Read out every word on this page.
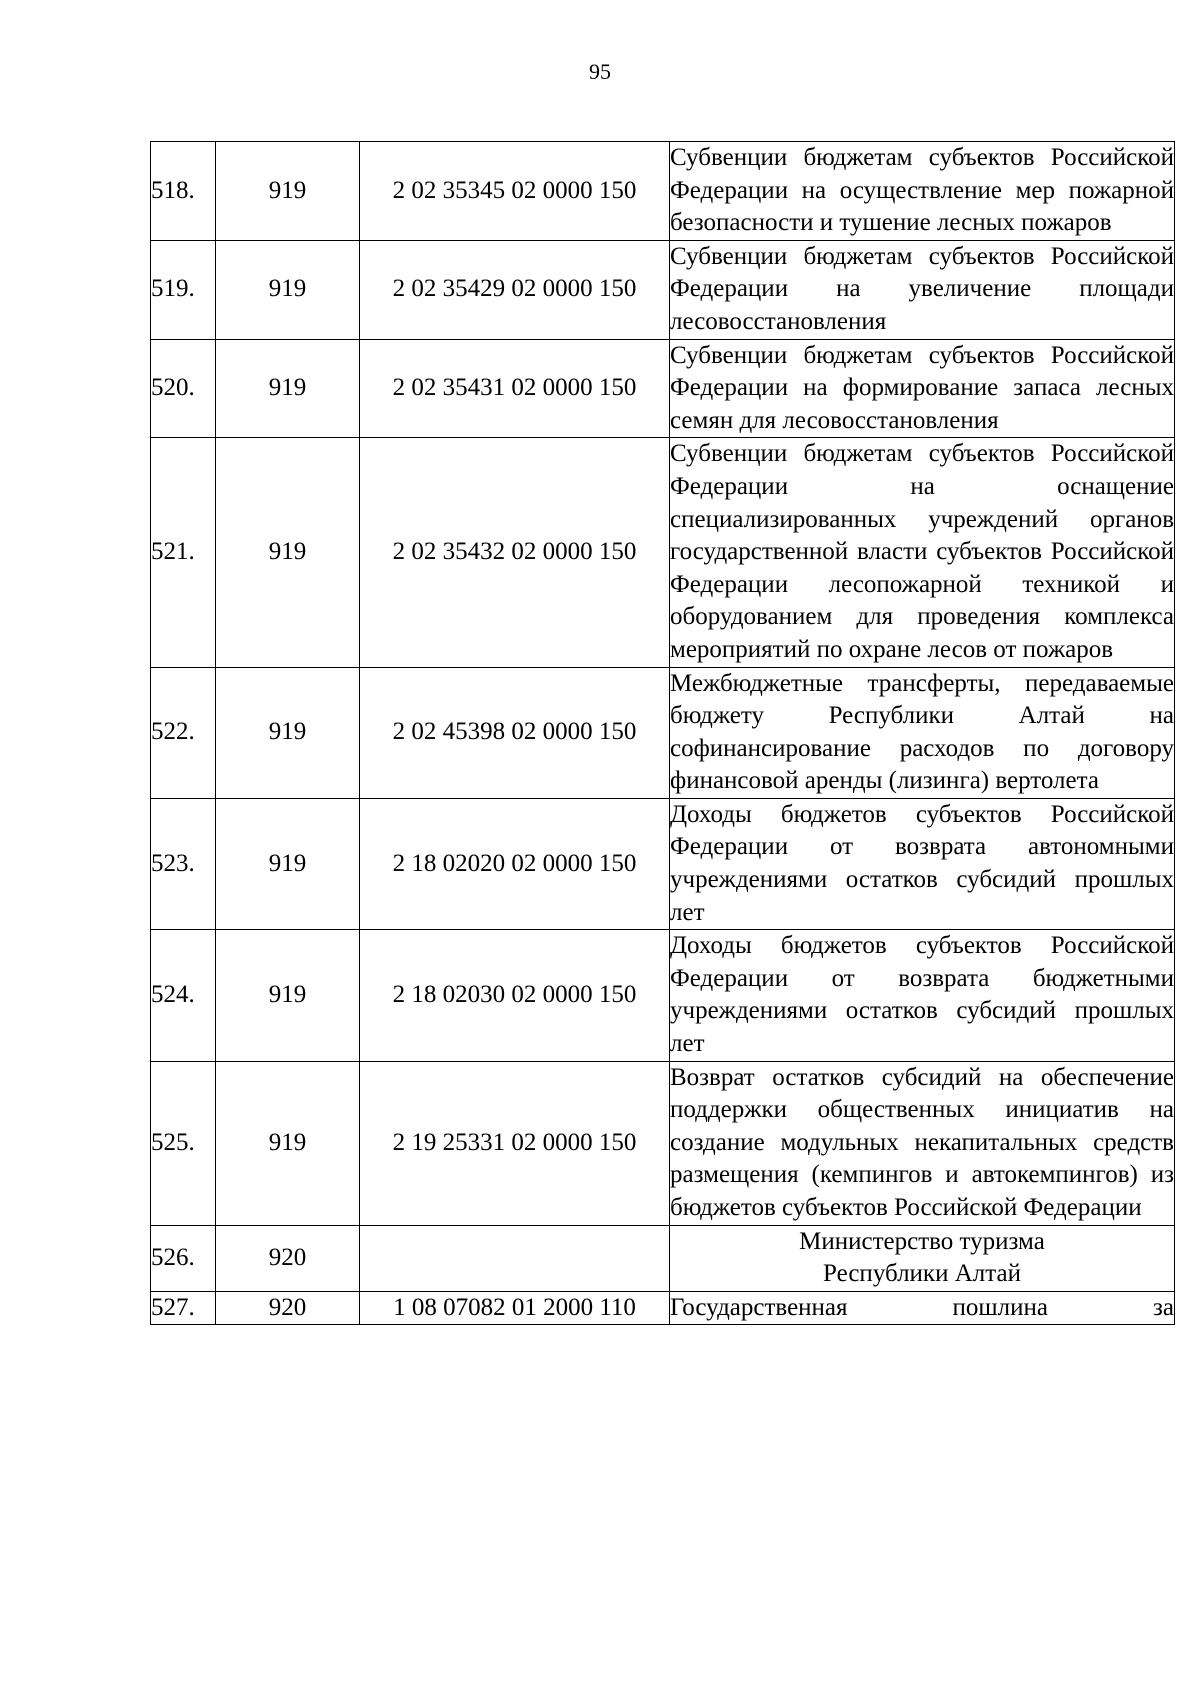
95
518.	919	2 02 35345 02 0000 150	Субвенции бюджетам субъектов Российской Федерации на осуществление мер пожарной безопасности и тушение лесных пожаров
519.	919	2 02 35429 02 0000 150	Субвенции бюджетам субъектов Российской Федерации на увеличение площади лесовосстановления
520.	919	2 02 35431 02 0000 150	Субвенции бюджетам субъектов Российской Федерации на формирование запаса лесных семян для лесовосстановления
521.	919	2 02 35432 02 0000 150	Субвенции бюджетам субъектов Российской Федерации на оснащение специализированных учреждений органов государственной власти субъектов Российской Федерации лесопожарной техникой и оборудованием для проведения комплекса мероприятий по охране лесов от пожаров
522.	919	2 02 45398 02 0000 150	Межбюджетные трансферты, передаваемые бюджету Республики Алтай на софинансирование расходов по договору финансовой аренды (лизинга) вертолета
523.	919	2 18 02020 02 0000 150	Доходы бюджетов субъектов Российской Федерации от возврата автономными учреждениями остатков субсидий прошлых лет
524.	919	2 18 02030 02 0000 150	Доходы бюджетов субъектов Российской Федерации от возврата бюджетными учреждениями остатков субсидий прошлых лет
525.	919	2 19 25331 02 0000 150	Возврат остатков субсидий на обеспечение поддержки общественных инициатив на создание модульных некапитальных средств размещения (кемпингов и автокемпингов) из бюджетов субъектов Российской Федерации
526.	920		Министерство туризма
Республики Алтай
527.	920	1 08 07082 01 2000 110	Государственная пошлина за
